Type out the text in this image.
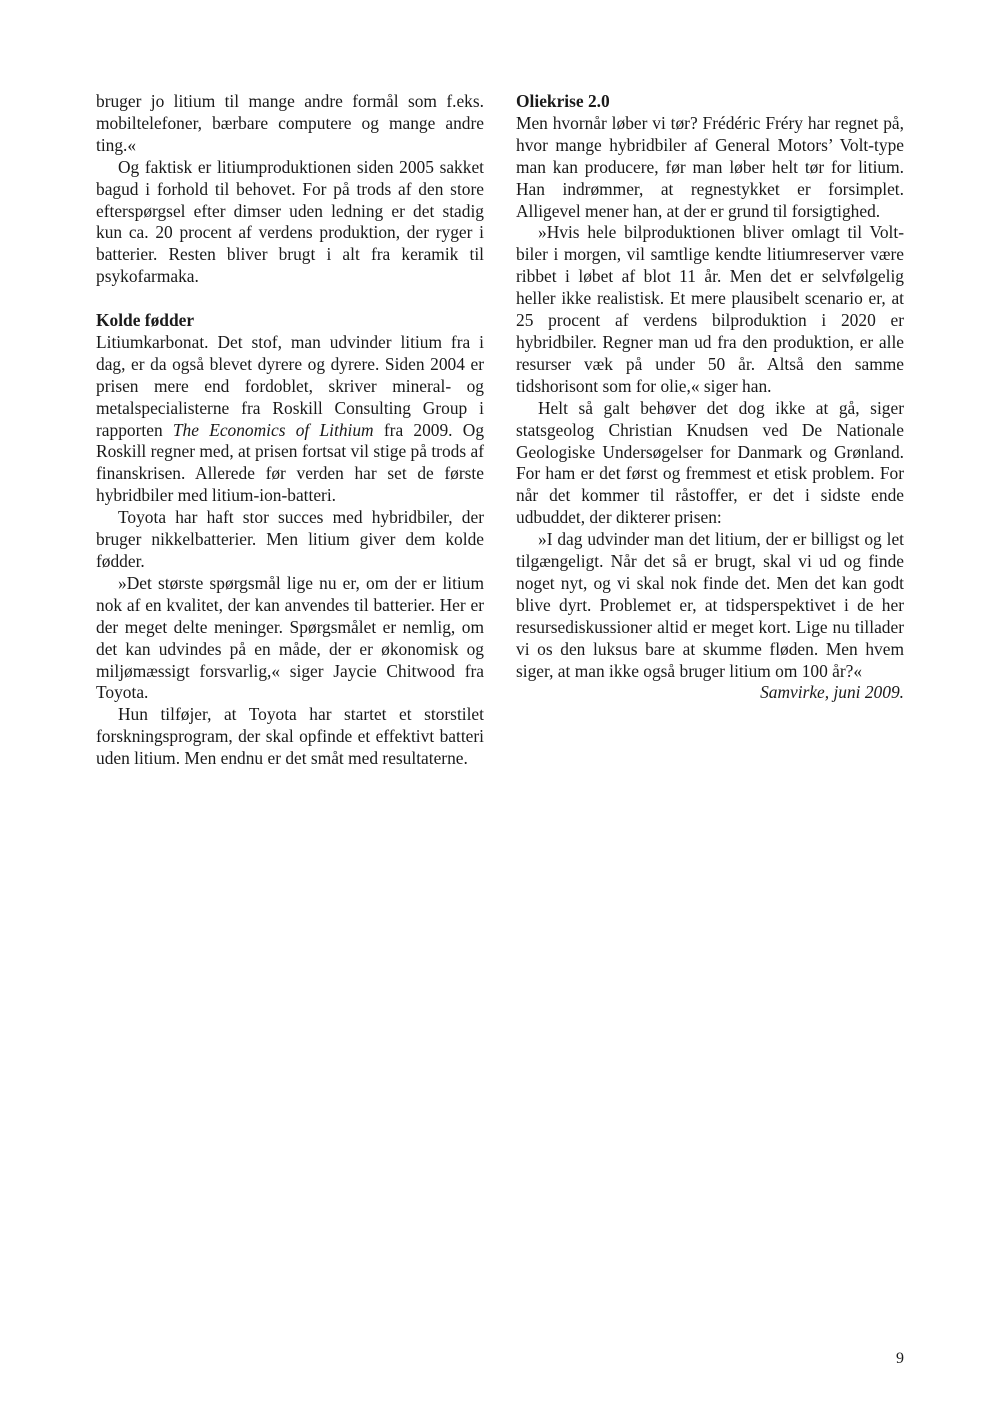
bruger jo litium til mange andre formål som f.eks. mobiltelefoner, bærbare computere og mange andre ting.«

Og faktisk er litiumproduktionen siden 2005 sakket bagud i forhold til behovet. For på trods af den store efterspørgsel efter dimser uden ledning er det stadig kun ca. 20 procent af verdens produktion, der ryger i batterier. Resten bliver brugt i alt fra keramik til psykofarmaka.

Kolde fødder

Litiumkarbonat. Det stof, man udvinder litium fra i dag, er da også blevet dyrere og dyrere. Siden 2004 er prisen mere end fordoblet, skriver mineral- og metalspecialisterne fra Roskill Consulting Group i rapporten The Economics of Lithium fra 2009. Og Roskill regner med, at prisen fortsat vil stige på trods af finanskrisen. Allerede før verden har set de første hybridbiler med litium-ion-batteri.

Toyota har haft stor succes med hybridbiler, der bruger nikkelbatterier. Men litium giver dem kolde fødder.

»Det største spørgsmål lige nu er, om der er litium nok af en kvalitet, der kan anvendes til batterier. Her er der meget delte meninger. Spørgsmålet er nemlig, om det kan udvindes på en måde, der er økonomisk og miljømæssigt forsvarlig,« siger Jaycie Chitwood fra Toyota.

Hun tilføjer, at Toyota har startet et storstilet forskningsprogram, der skal opfinde et effektivt batteri uden litium. Men endnu er det småt med resultaterne.

Oliekrise 2.0

Men hvornår løber vi tør? Frédéric Fréry har regnet på, hvor mange hybridbiler af General Motors’ Volt-type man kan producere, før man løber helt tør for litium. Han indrømmer, at regnestykket er forsimplet. Alligevel mener han, at der er grund til forsigtighed.

»Hvis hele bilproduktionen bliver omlagt til Volt-biler i morgen, vil samtlige kendte litiumreserver være ribbet i løbet af blot 11 år. Men det er selvfølgelig heller ikke realistisk. Et mere plausibelt scenario er, at 25 procent af verdens bilproduktion i 2020 er hybridbiler. Regner man ud fra den produktion, er alle resurser væk på under 50 år. Altså den samme tidshorisont som for olie,« siger han.

Helt så galt behøver det dog ikke at gå, siger statsgeolog Christian Knudsen ved De Nationale Geologiske Undersøgelser for Danmark og Grønland. For ham er det først og fremmest et etisk problem. For når det kommer til råstoffer, er det i sidste ende udbuddet, der dikterer prisen:

»I dag udvinder man det litium, der er billigst og let tilgængeligt. Når det så er brugt, skal vi ud og finde noget nyt, og vi skal nok finde det. Men det kan godt blive dyrt. Problemet er, at tidsperspektivet i de her resursediskussioner altid er meget kort. Lige nu tillader vi os den luksus bare at skumme fløden. Men hvem siger, at man ikke også bruger litium om 100 år?«

Samvirke, juni 2009.

9
